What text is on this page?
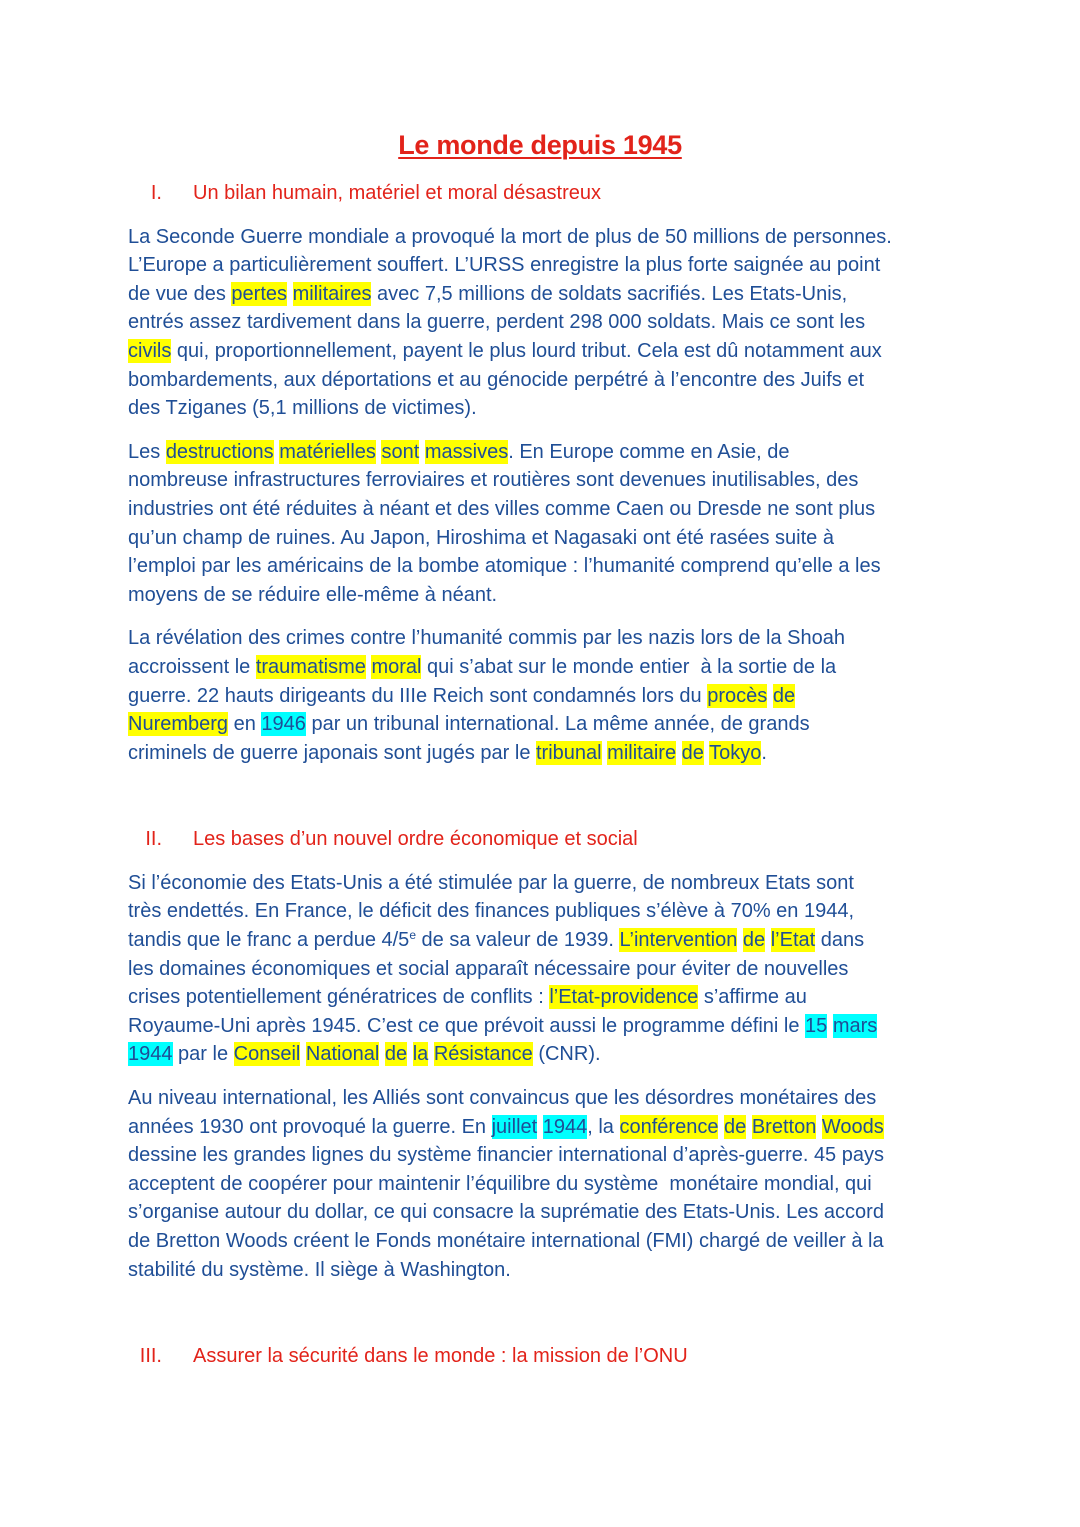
Le monde depuis 1945
I. Un bilan humain, matériel et moral désastreux

La Seconde Guerre mondiale a provoqué la mort de plus de 50 millions de personnes.
L’Europe a particulièrement souffert. L’URSS enregistre la plus forte saignée au point
de vue des pertes militaires avec 7,5 millions de soldats sacrifiés. Les Etats-Unis,
entrés assez tardivement dans la guerre, perdent 298 000 soldats. Mais ce sont les
civils qui, proportionnellement, payent le plus lourd tribut. Cela est dû notamment aux
bombardements, aux déportations et au génocide perpétré à l’encontre des Juifs et
des Tziganes (5,1 millions de victimes).

Les destructions matérielles sont massives. En Europe comme en Asie, de
nombreuse infrastructures ferroviaires et routières sont devenues inutilisables, des
industries ont été réduites à néant et des villes comme Caen ou Dresde ne sont plus
qu’un champ de ruines. Au Japon, Hiroshima et Nagasaki ont été rasées suite à
l’emploi par les américains de la bombe atomique : l’humanité comprend qu’elle a les
moyens de se réduire elle-même à néant.

La révélation des crimes contre l’humanité commis par les nazis lors de la Shoah
accroissent le traumatisme moral qui s’abat sur le monde entier  à la sortie de la
guerre. 22 hauts dirigeants du IIIe Reich sont condamnés lors du procès de
Nuremberg en 1946 par un tribunal international. La même année, de grands
criminels de guerre japonais sont jugés par le tribunal militaire de Tokyo.

II. Les bases d’un nouvel ordre économique et social

Si l’économie des Etats-Unis a été stimulée par la guerre, de nombreux Etats sont
très endettés. En France, le déficit des finances publiques s’élève à 70% en 1944,
tandis que le franc a perdue 4/5e de sa valeur de 1939. L’intervention de l’Etat dans
les domaines économiques et social apparaît nécessaire pour éviter de nouvelles
crises potentiellement génératrices de conflits : l’Etat-providence s’affirme au
Royaume-Uni après 1945. C’est ce que prévoit aussi le programme défini le 15 mars
1944 par le Conseil National de la Résistance (CNR).

Au niveau international, les Alliés sont convaincus que les désordres monétaires des
années 1930 ont provoqué la guerre. En juillet 1944, la conférence de Bretton Woods
dessine les grandes lignes du système financier international d’après-guerre. 45 pays
acceptent de coopérer pour maintenir l’équilibre du système  monétaire mondial, qui
s’organise autour du dollar, ce qui consacre la suprématie des Etats-Unis. Les accord
de Bretton Woods créent le Fonds monétaire international (FMI) chargé de veiller à la
stabilité du système. Il siège à Washington.

III. Assurer la sécurité dans le monde : la mission de l’ONU
